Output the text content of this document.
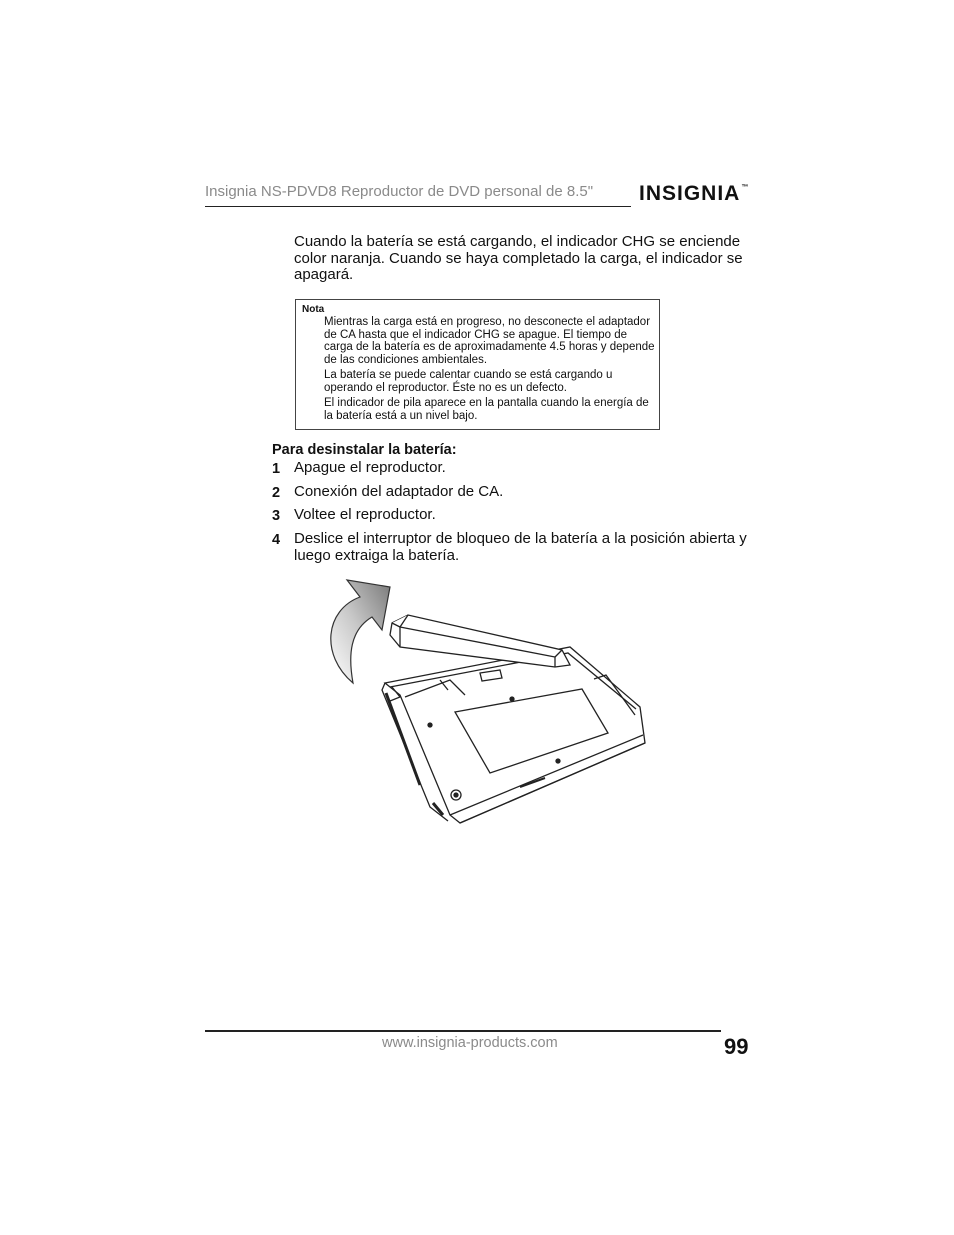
Insignia NS-PDVD8 Reproductor de DVD personal de 8.5" INSIGNIA™
Cuando la batería se está cargando, el indicador CHG se enciende color naranja. Cuando se haya completado la carga, el indicador se apagará.
Nota

Mientras la carga está en progreso, no desconecte el adaptador de CA hasta que el indicador CHG se apague. El tiempo de carga de la batería es de aproximadamente 4.5 horas y depende de las condiciones ambientales.

La batería se puede calentar cuando se está cargando u operando el reproductor. Éste no es un defecto.

El indicador de pila aparece en la pantalla cuando la energía de la batería está a un nivel bajo.

Para desinstalar la batería:
1 Apague el reproductor.
2 Conexión del adaptador de CA.
3 Voltee el reproductor.
4 Deslice el interruptor de bloqueo de la batería a la posición abierta y luego extraiga la batería.
www.insignia-products.com	99
